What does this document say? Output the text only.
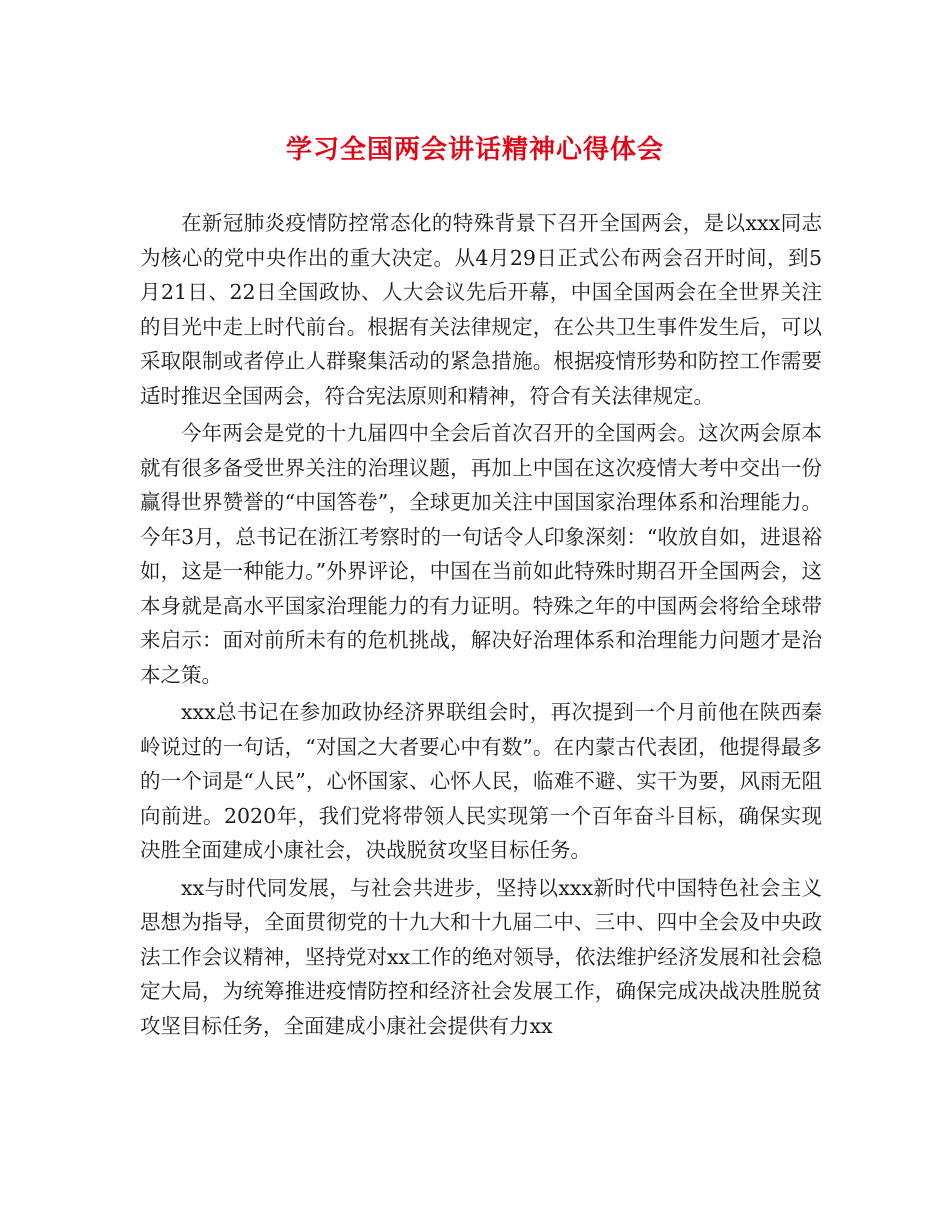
学习全国两会讲话精神心得体会

在新冠肺炎疫情防控常态化的特殊背景下召开全国两会，是以xxx同志为核心的党中央作出的重大决定。从4月29日正式公布两会召开时间，到5月21日、22日全国政协、人大会议先后开幕，中国全国两会在全世界关注的目光中走上时代前台。根据有关法律规定，在公共卫生事件发生后，可以采取限制或者停止人群聚集活动的紧急措施。根据疫情形势和防控工作需要适时推迟全国两会，符合宪法原则和精神，符合有关法律规定。

今年两会是党的十九届四中全会后首次召开的全国两会。这次两会原本就有很多备受世界关注的治理议题，再加上中国在这次疫情大考中交出一份赢得世界赞誉的“中国答卷”，全球更加关注中国国家治理体系和治理能力。今年3月，总书记在浙江考察时的一句话令人印象深刻：“收放自如，进退裕如，这是一种能力。”外界评论，中国在当前如此特殊时期召开全国两会，这本身就是高水平国家治理能力的有力证明。特殊之年的中国两会将给全球带来启示：面对前所未有的危机挑战，解决好治理体系和治理能力问题才是治本之策。

xxx总书记在参加政协经济界联组会时，再次提到一个月前他在陕西秦岭说过的一句话，“对国之大者要心中有数”。在内蒙古代表团，他提得最多的一个词是“人民”，心怀国家、心怀人民，临难不避、实干为要，风雨无阻向前进。2020年，我们党将带领人民实现第一个百年奋斗目标，确保实现决胜全面建成小康社会，决战脱贫攻坚目标任务。

xx与时代同发展，与社会共进步，坚持以xxx新时代中国特色社会主义思想为指导，全面贯彻党的十九大和十九届二中、三中、四中全会及中央政法工作会议精神，坚持党对xx工作的绝对领导，依法维护经济发展和社会稳定大局，为统筹推进疫情防控和经济社会发展工作，确保完成决战决胜脱贫攻坚目标任务，全面建成小康社会提供有力xx
